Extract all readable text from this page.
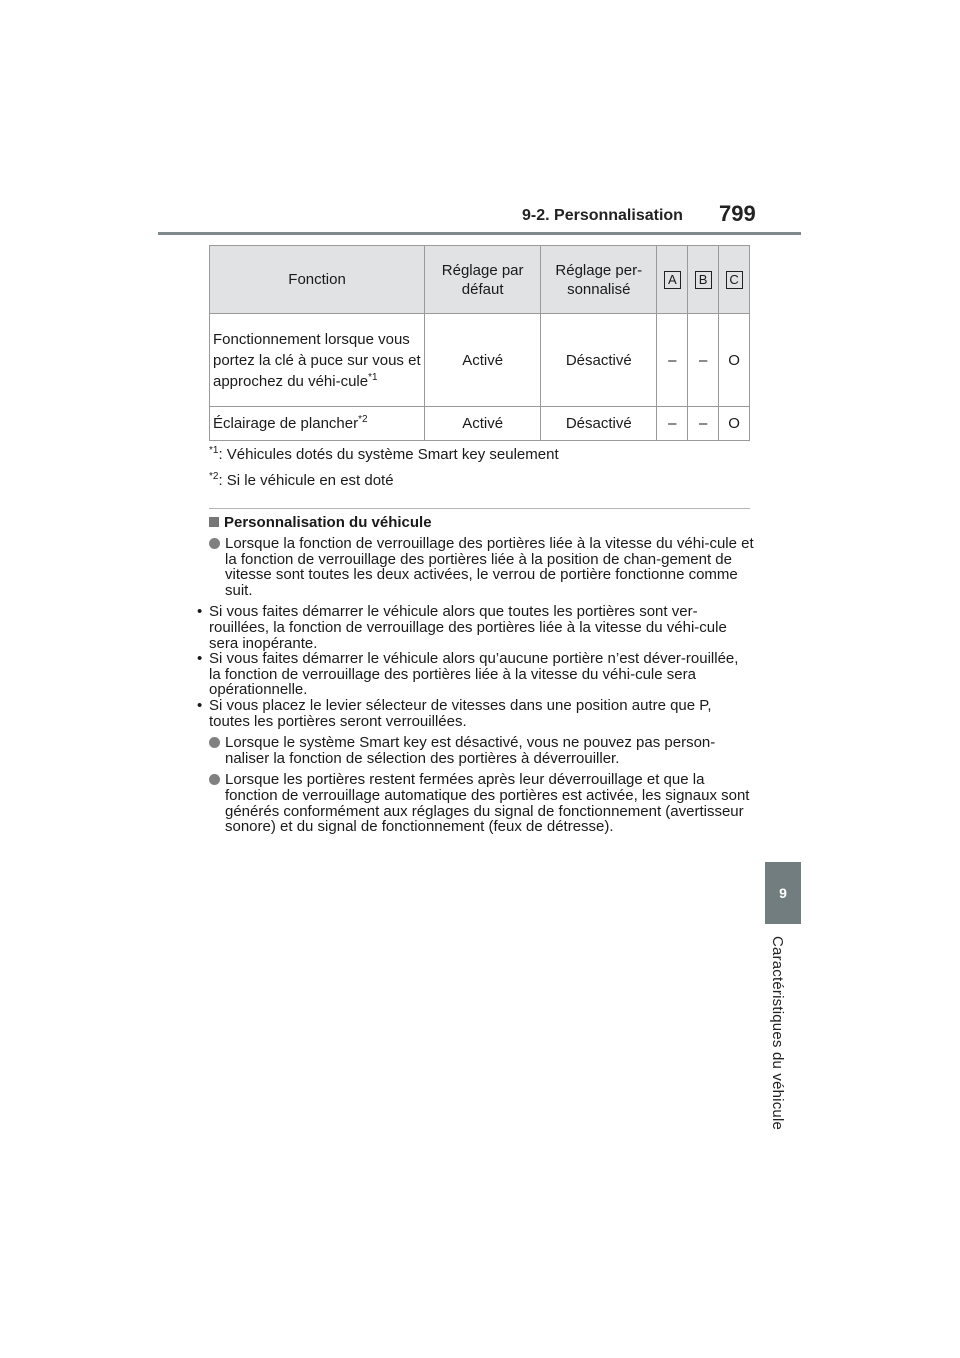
9-2. Personnalisation 799
9
Caractéristiques du véhicule
Fonction	Réglage par défaut	Réglage per-sonnalisé	A	B	C
Fonctionnement lorsque vous portez la clé à puce sur vous et approchez du véhi-cule$^{*1}$	Activé	Désactivé	–	–	O
Éclairage de plancher$^{*2}$	Activé	Désactivé	–	–	O
$^{*1}$: Véhicules dotés du système Smart key seulement
$^{*2}$: Si le véhicule en est doté
Personnalisation du véhicule
Lorsque la fonction de verrouillage des portières liée à la vitesse du véhi-cule et la fonction de verrouillage des portières liée à la position de chan-gement de vitesse sont toutes les deux activées, le verrou de portière fonctionne comme suit.
• Si vous faites démarrer le véhicule alors que toutes les portières sont ver-rouillées, la fonction de verrouillage des portières liée à la vitesse du véhi-cule sera inopérante.
• Si vous faites démarrer le véhicule alors qu’aucune portière n’est déver-rouillée, la fonction de verrouillage des portières liée à la vitesse du véhi-cule sera opérationnelle.
• Si vous placez le levier sélecteur de vitesses dans une position autre que P, toutes les portières seront verrouillées.
Lorsque le système Smart key est désactivé, vous ne pouvez pas person-naliser la fonction de sélection des portières à déverrouiller.
Lorsque les portières restent fermées après leur déverrouillage et que la fonction de verrouillage automatique des portières est activée, les signaux sont générés conformément aux réglages du signal de fonctionnement (avertisseur sonore) et du signal de fonctionnement (feux de détresse).
